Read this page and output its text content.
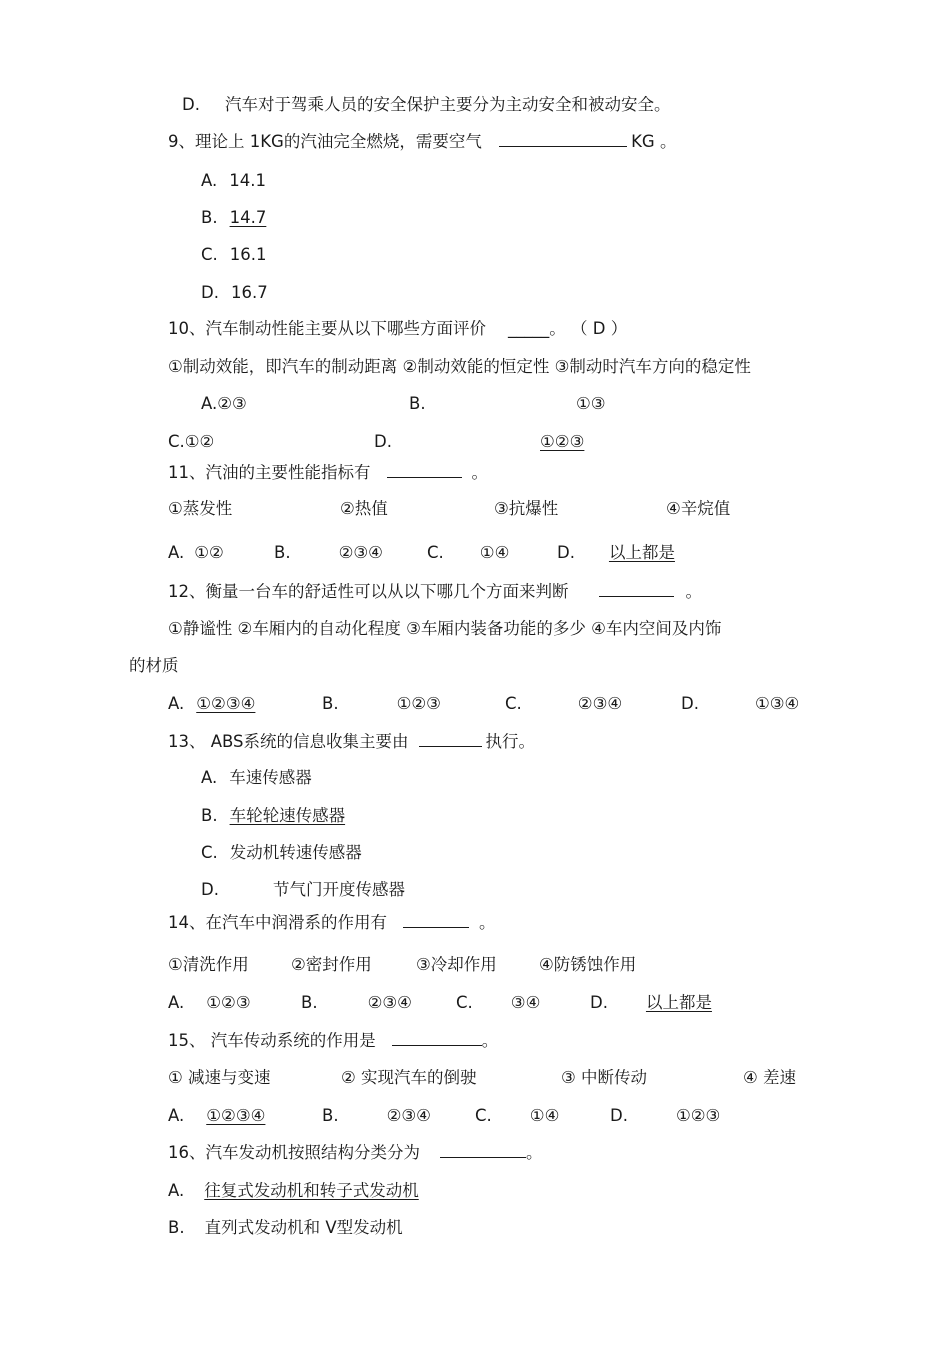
D. 汽车对于驾乘人员的安全保护主要分为主动安全和被动安全。
9、理论上 1KG的汽油完全燃烧，需要空气	KG 。
A. 14.1
B. 14.7
C. 16.1
D. 16.7
10、汽车制动性能主要从以下哪些方面评价 _____。 （ D ）
①制动效能，即汽车的制动距离 ②制动效能的恒定性 ③制动时汽车方向的稳定性
A.②③	B.	①③
C.①②	D.	①②③
11、汽油的主要性能指标有	。
①蒸发性	②热值	③抗爆性	④辛烷值
A. ①②	B.	②③④	C. ①④	D. 以上都是
12、衡量一台车的舒适性可以从以下哪几个方面来判断	。
①静谧性 ②车厢内的自动化程度 ③车厢内装备功能的多少 ④车内空间及内饰
的材质
A. ①②③④	B.	①②③	C.	②③④	D.	①③④
13、 ABS系统的信息收集主要由	执行。
A. 车速传感器
B. 车轮轮速传感器
C. 发动机转速传感器
D.	节气门开度传感器
14、在汽车中润滑系的作用有	。
①清洗作用	②密封作用	③冷却作用	④防锈蚀作用
A. ①②③	B.	②③④	C. ③④	D. 以上都是
15、 汽车传动系统的作用是	。
① 减速与变速	② 实现汽车的倒驶	③ 中断传动	④ 差速
A. ①②③④	B.	②③④	C. ①④	D.	①②③
16、汽车发动机按照结构分类分为	。
A. 往复式发动机和转子式发动机
B. 直列式发动机和 V型发动机
